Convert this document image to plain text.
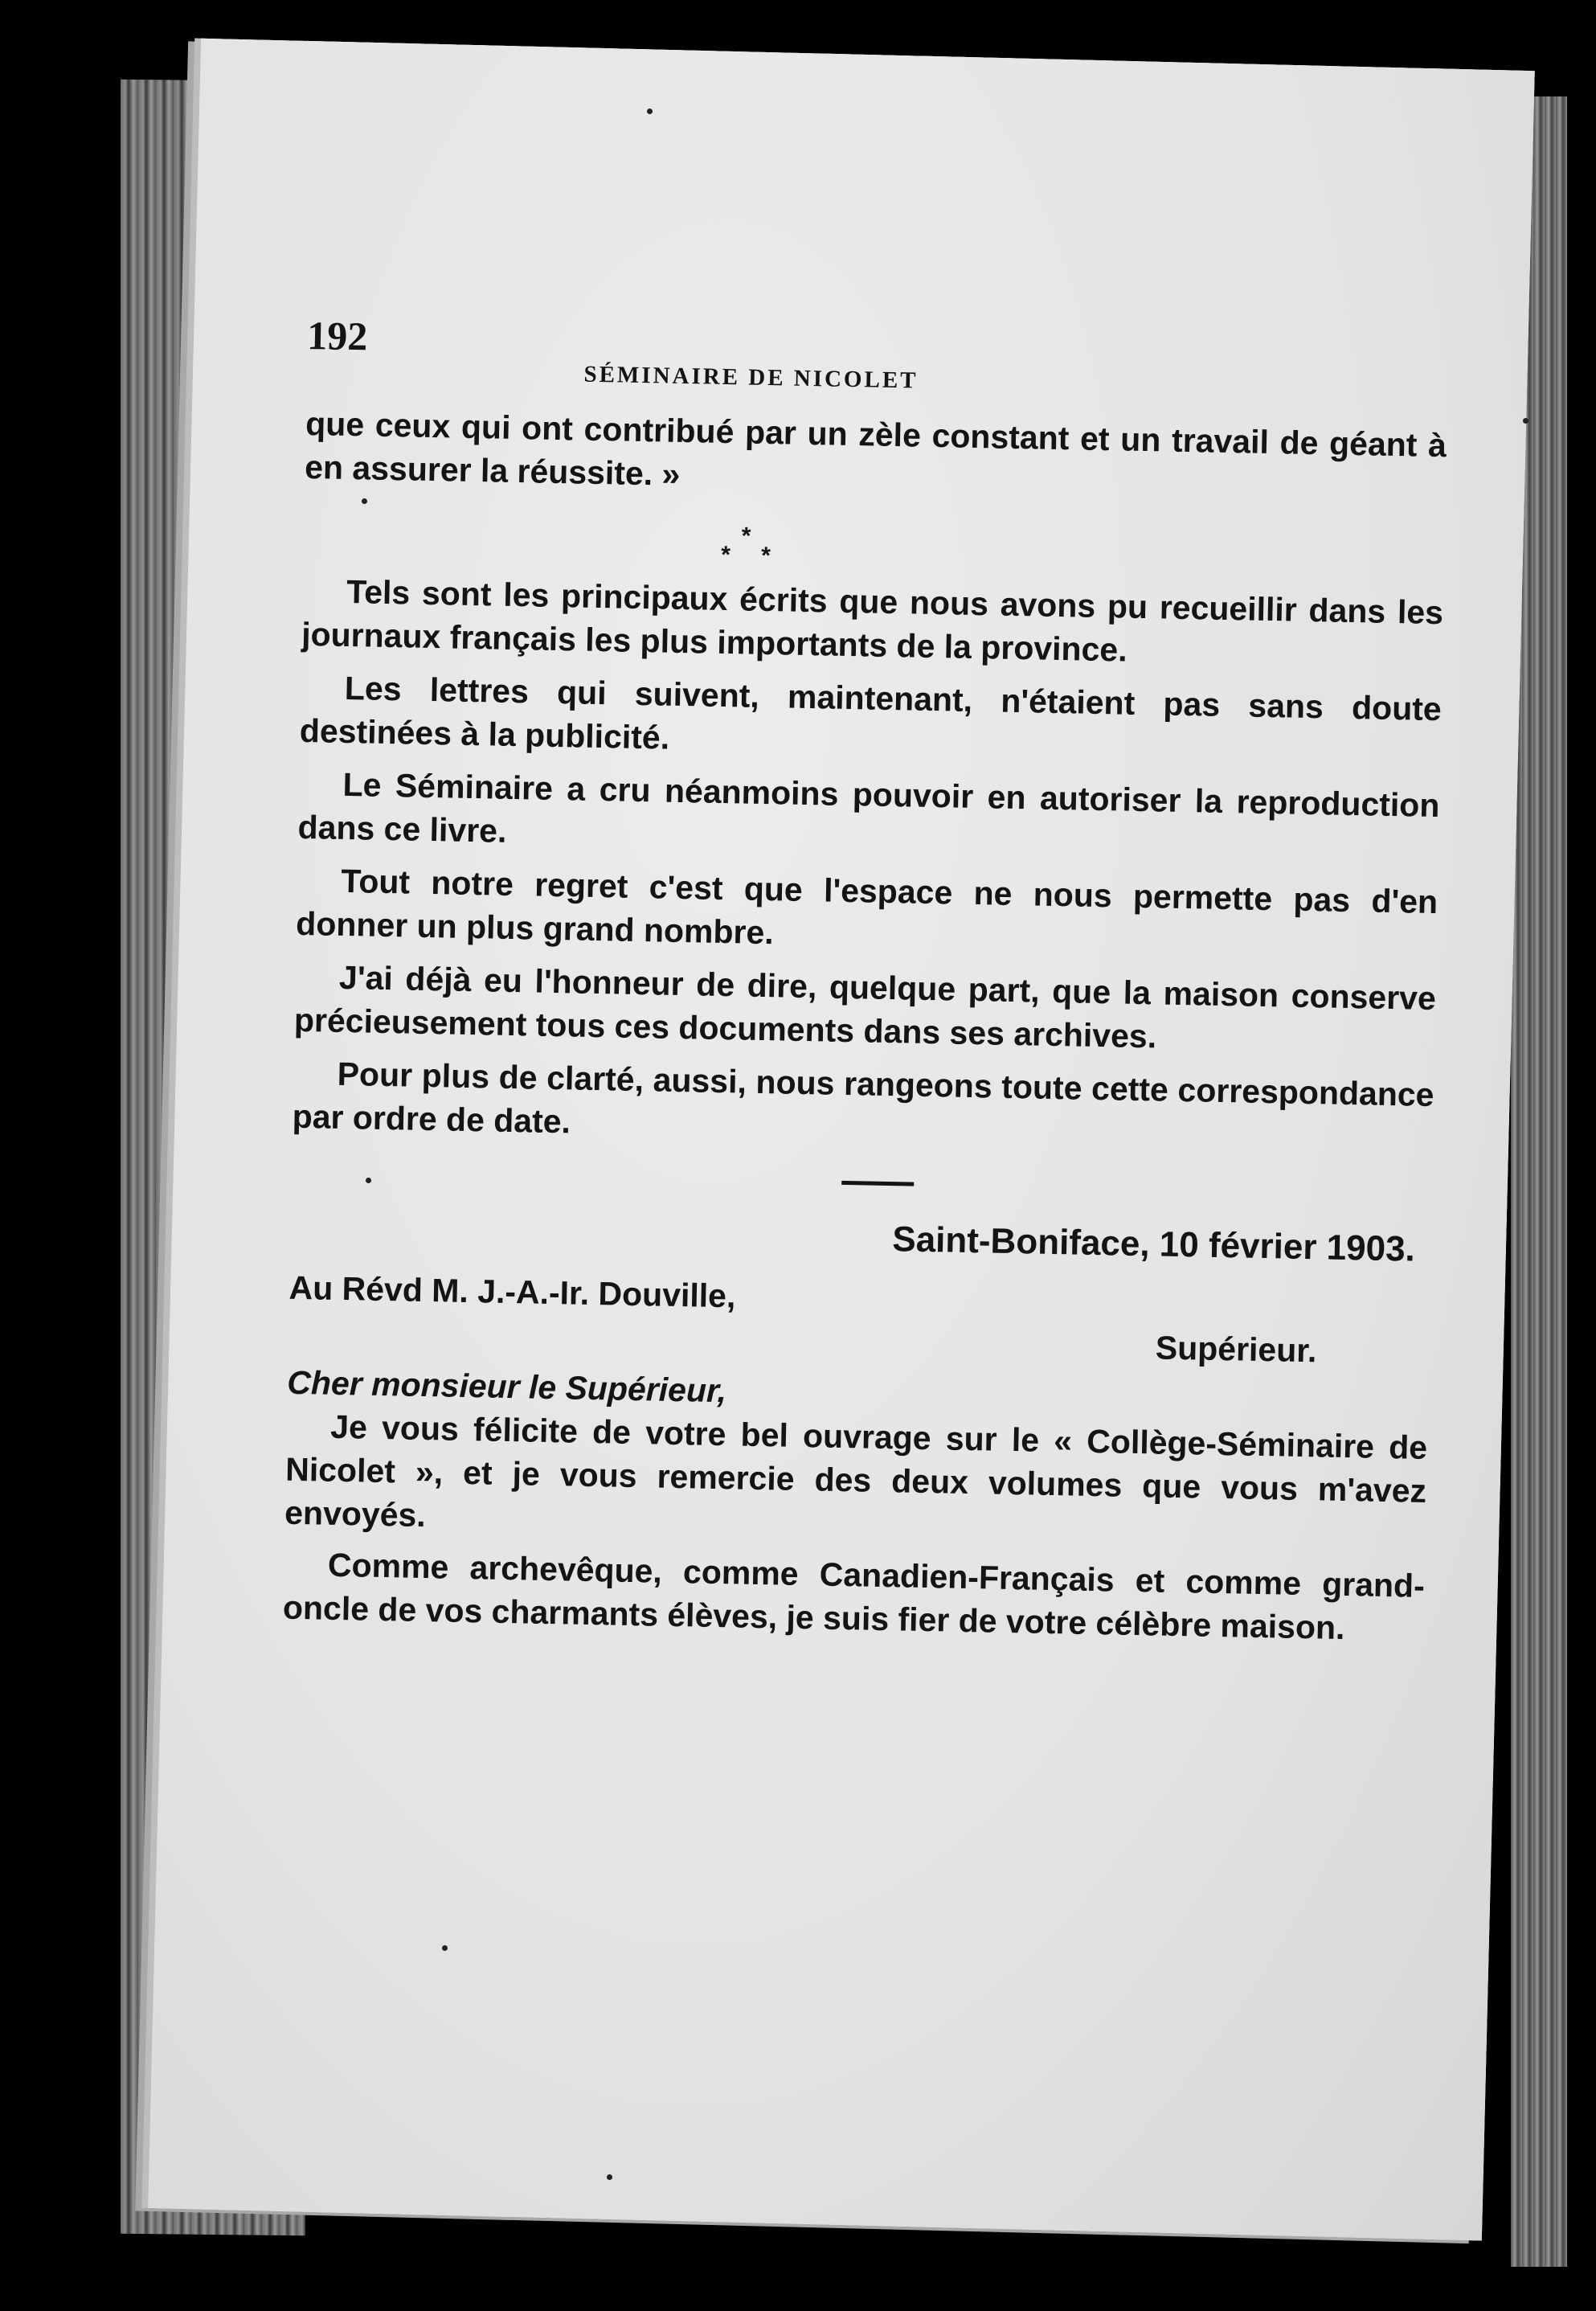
192
SÉMINAIRE DE NICOLET

que ceux qui ont contribué par un zèle constant et un travail de géant à en assurer la réussite. »

*
* *

Tels sont les principaux écrits que nous avons pu recueillir dans les journaux français les plus importants de la province.

Les lettres qui suivent, maintenant, n'étaient pas sans doute destinées à la publicité.

Le Séminaire a cru néanmoins pouvoir en autoriser la reproduction dans ce livre.

Tout notre regret c'est que l'espace ne nous permette pas d'en donner un plus grand nombre.

J'ai déjà eu l'honneur de dire, quelque part, que la maison conserve précieusement tous ces documents dans ses archives.

Pour plus de clarté, aussi, nous rangeons toute cette correspondance par ordre de date.

Saint-Boniface, 10 février 1903.
Au Révd M. J.-A.-Ir. Douville,
Supérieur.
Cher monsieur le Supérieur,

Je vous félicite de votre bel ouvrage sur le « Collège-Séminaire de Nicolet », et je vous remercie des deux volumes que vous m'avez envoyés.

Comme archevêque, comme Canadien-Français et comme grand-oncle de vos charmants élèves, je suis fier de votre célèbre maison.
